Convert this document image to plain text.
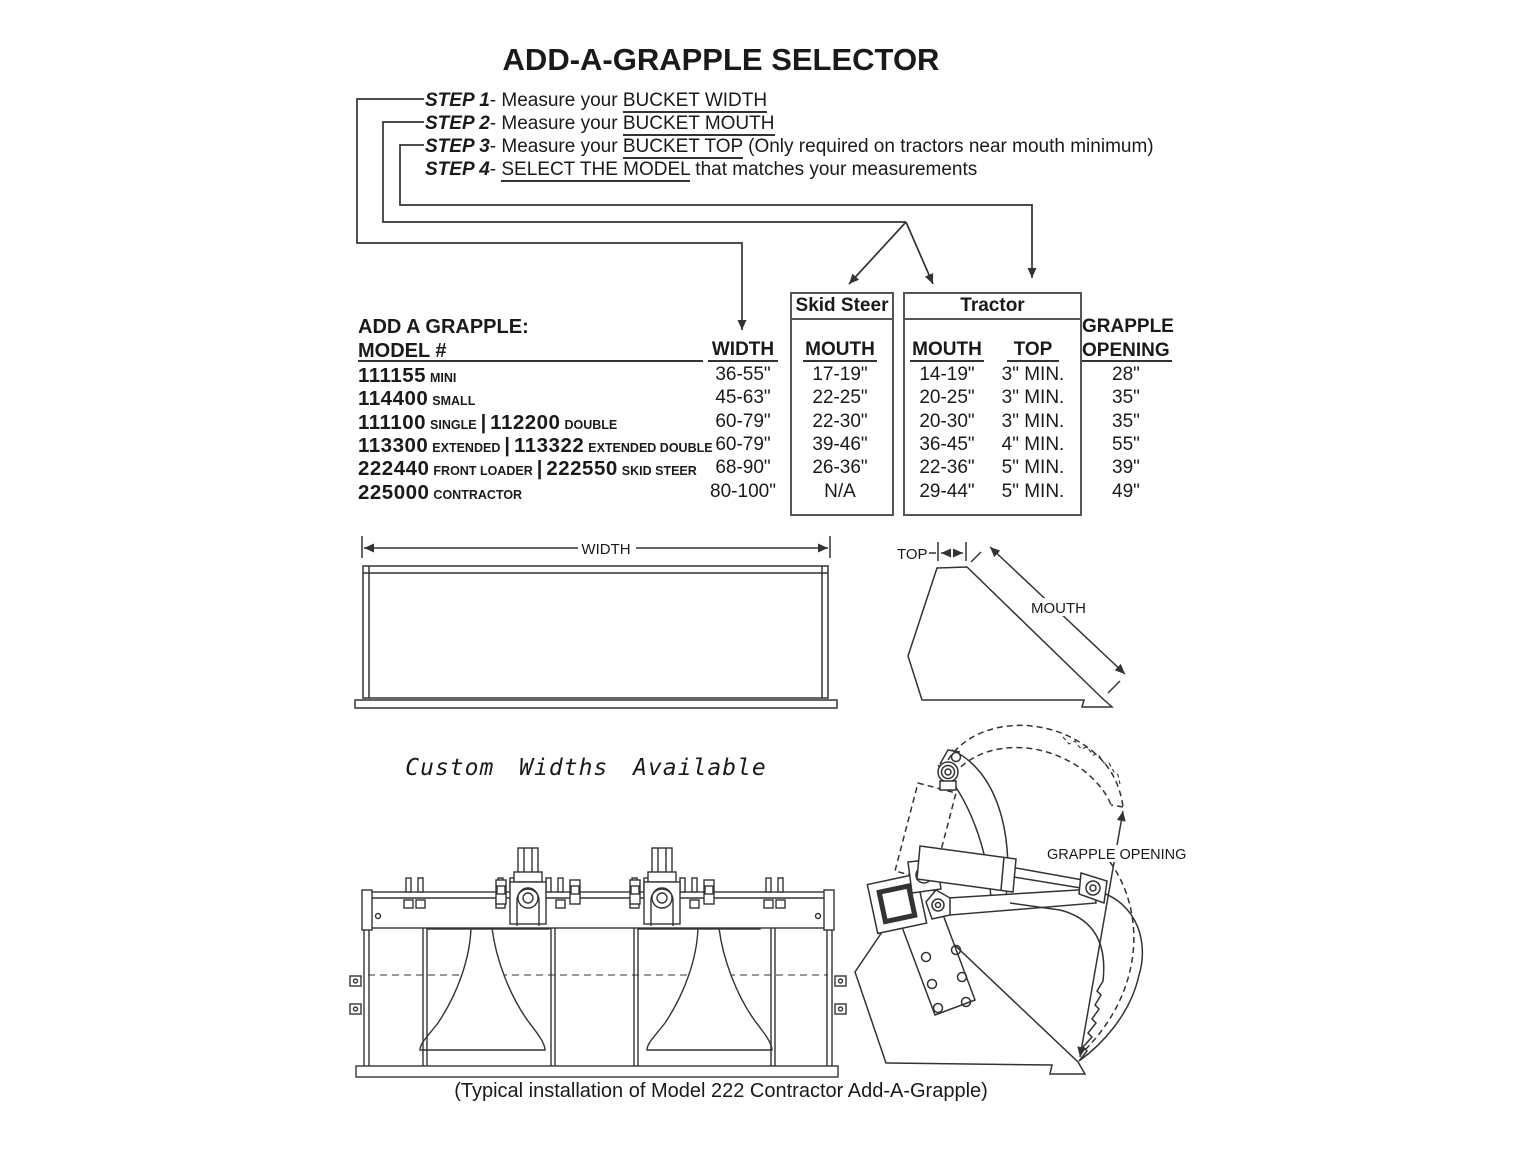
ADD-A-GRAPPLE SELECTOR
STEP 1- Measure your BUCKET WIDTH
STEP 2- Measure your BUCKET MOUTH
STEP 3- Measure your BUCKET TOP (Only required on tractors near mouth minimum)
STEP 4- SELECT THE MODEL that matches your measurements
Skid Steer	Tractor
ADD A GRAPPLE:
MODEL #	WIDTH	MOUTH	MOUTH	TOP
GRAPPLE
OPENING
111155 MINI	36-55"	17-19"	14-19"	3" MIN.	28"
114400 SMALL	45-63"	22-25"	20-25"	3" MIN.	35"
111100 SINGLE | 112200 DOUBLE	60-79"	22-30"	20-30"	3" MIN.	35"
113300 EXTENDED | 113322 EXTENDED DOUBLE 60-79"	39-46"	36-45"	4" MIN.	55"
222440 FRONT LOADER | 222550 SKID STEER 68-90"	26-36"	22-36"	5" MIN.	39"
225000 CONTRACTOR	80-100"	N/A	29-44"	5" MIN.	49"
WIDTH
Custom Widths Available
MOUTH
TOP
GRAPPLE OPENING
(Typical installation of Model 222 Contractor Add-A-Grapple)
